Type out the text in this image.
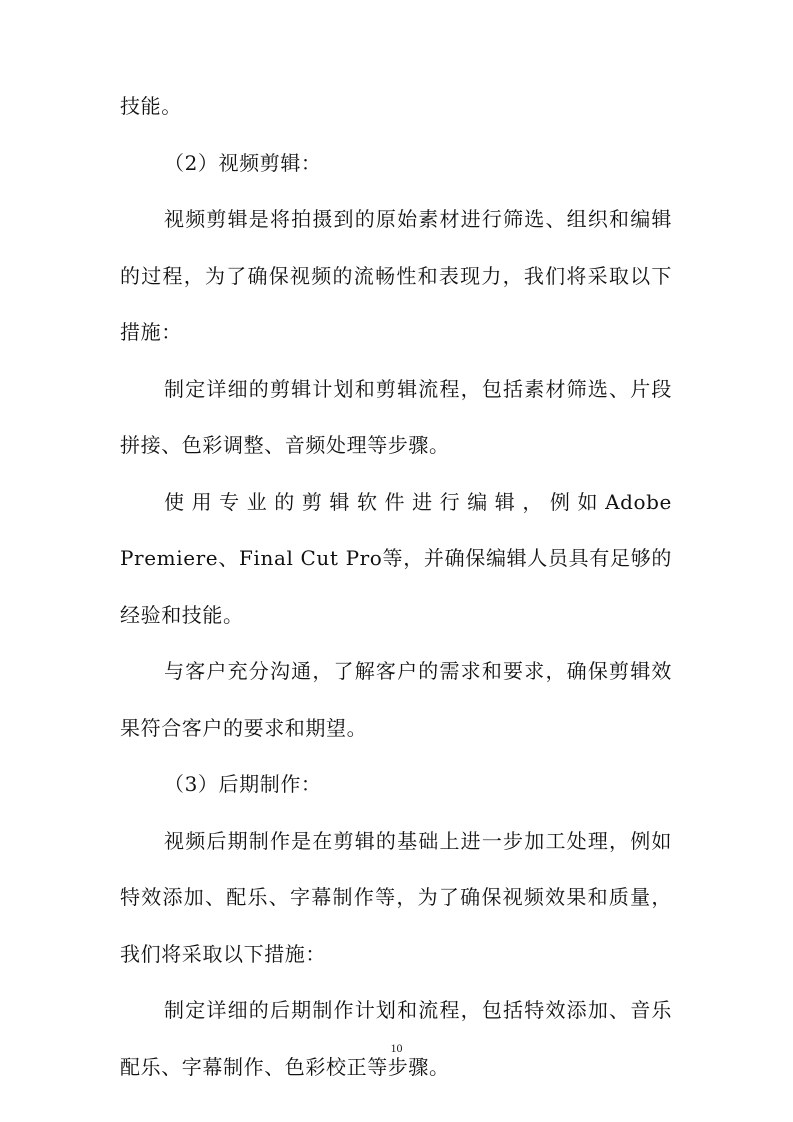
技能。

（2）视频剪辑：

视频剪辑是将拍摄到的原始素材进行筛选、组织和编辑的过程，为了确保视频的流畅性和表现力，我们将采取以下措施：

制定详细的剪辑计划和剪辑流程，包括素材筛选、片段拼接、色彩调整、音频处理等步骤。

使用专业的剪辑软件进行编辑，例如Adobe Premiere、Final Cut Pro等，并确保编辑人员具有足够的经验和技能。

与客户充分沟通，了解客户的需求和要求，确保剪辑效果符合客户的要求和期望。

（3）后期制作：

视频后期制作是在剪辑的基础上进一步加工处理，例如特效添加、配乐、字幕制作等，为了确保视频效果和质量，我们将采取以下措施：

制定详细的后期制作计划和流程，包括特效添加、音乐配乐、字幕制作、色彩校正等步骤。

10
